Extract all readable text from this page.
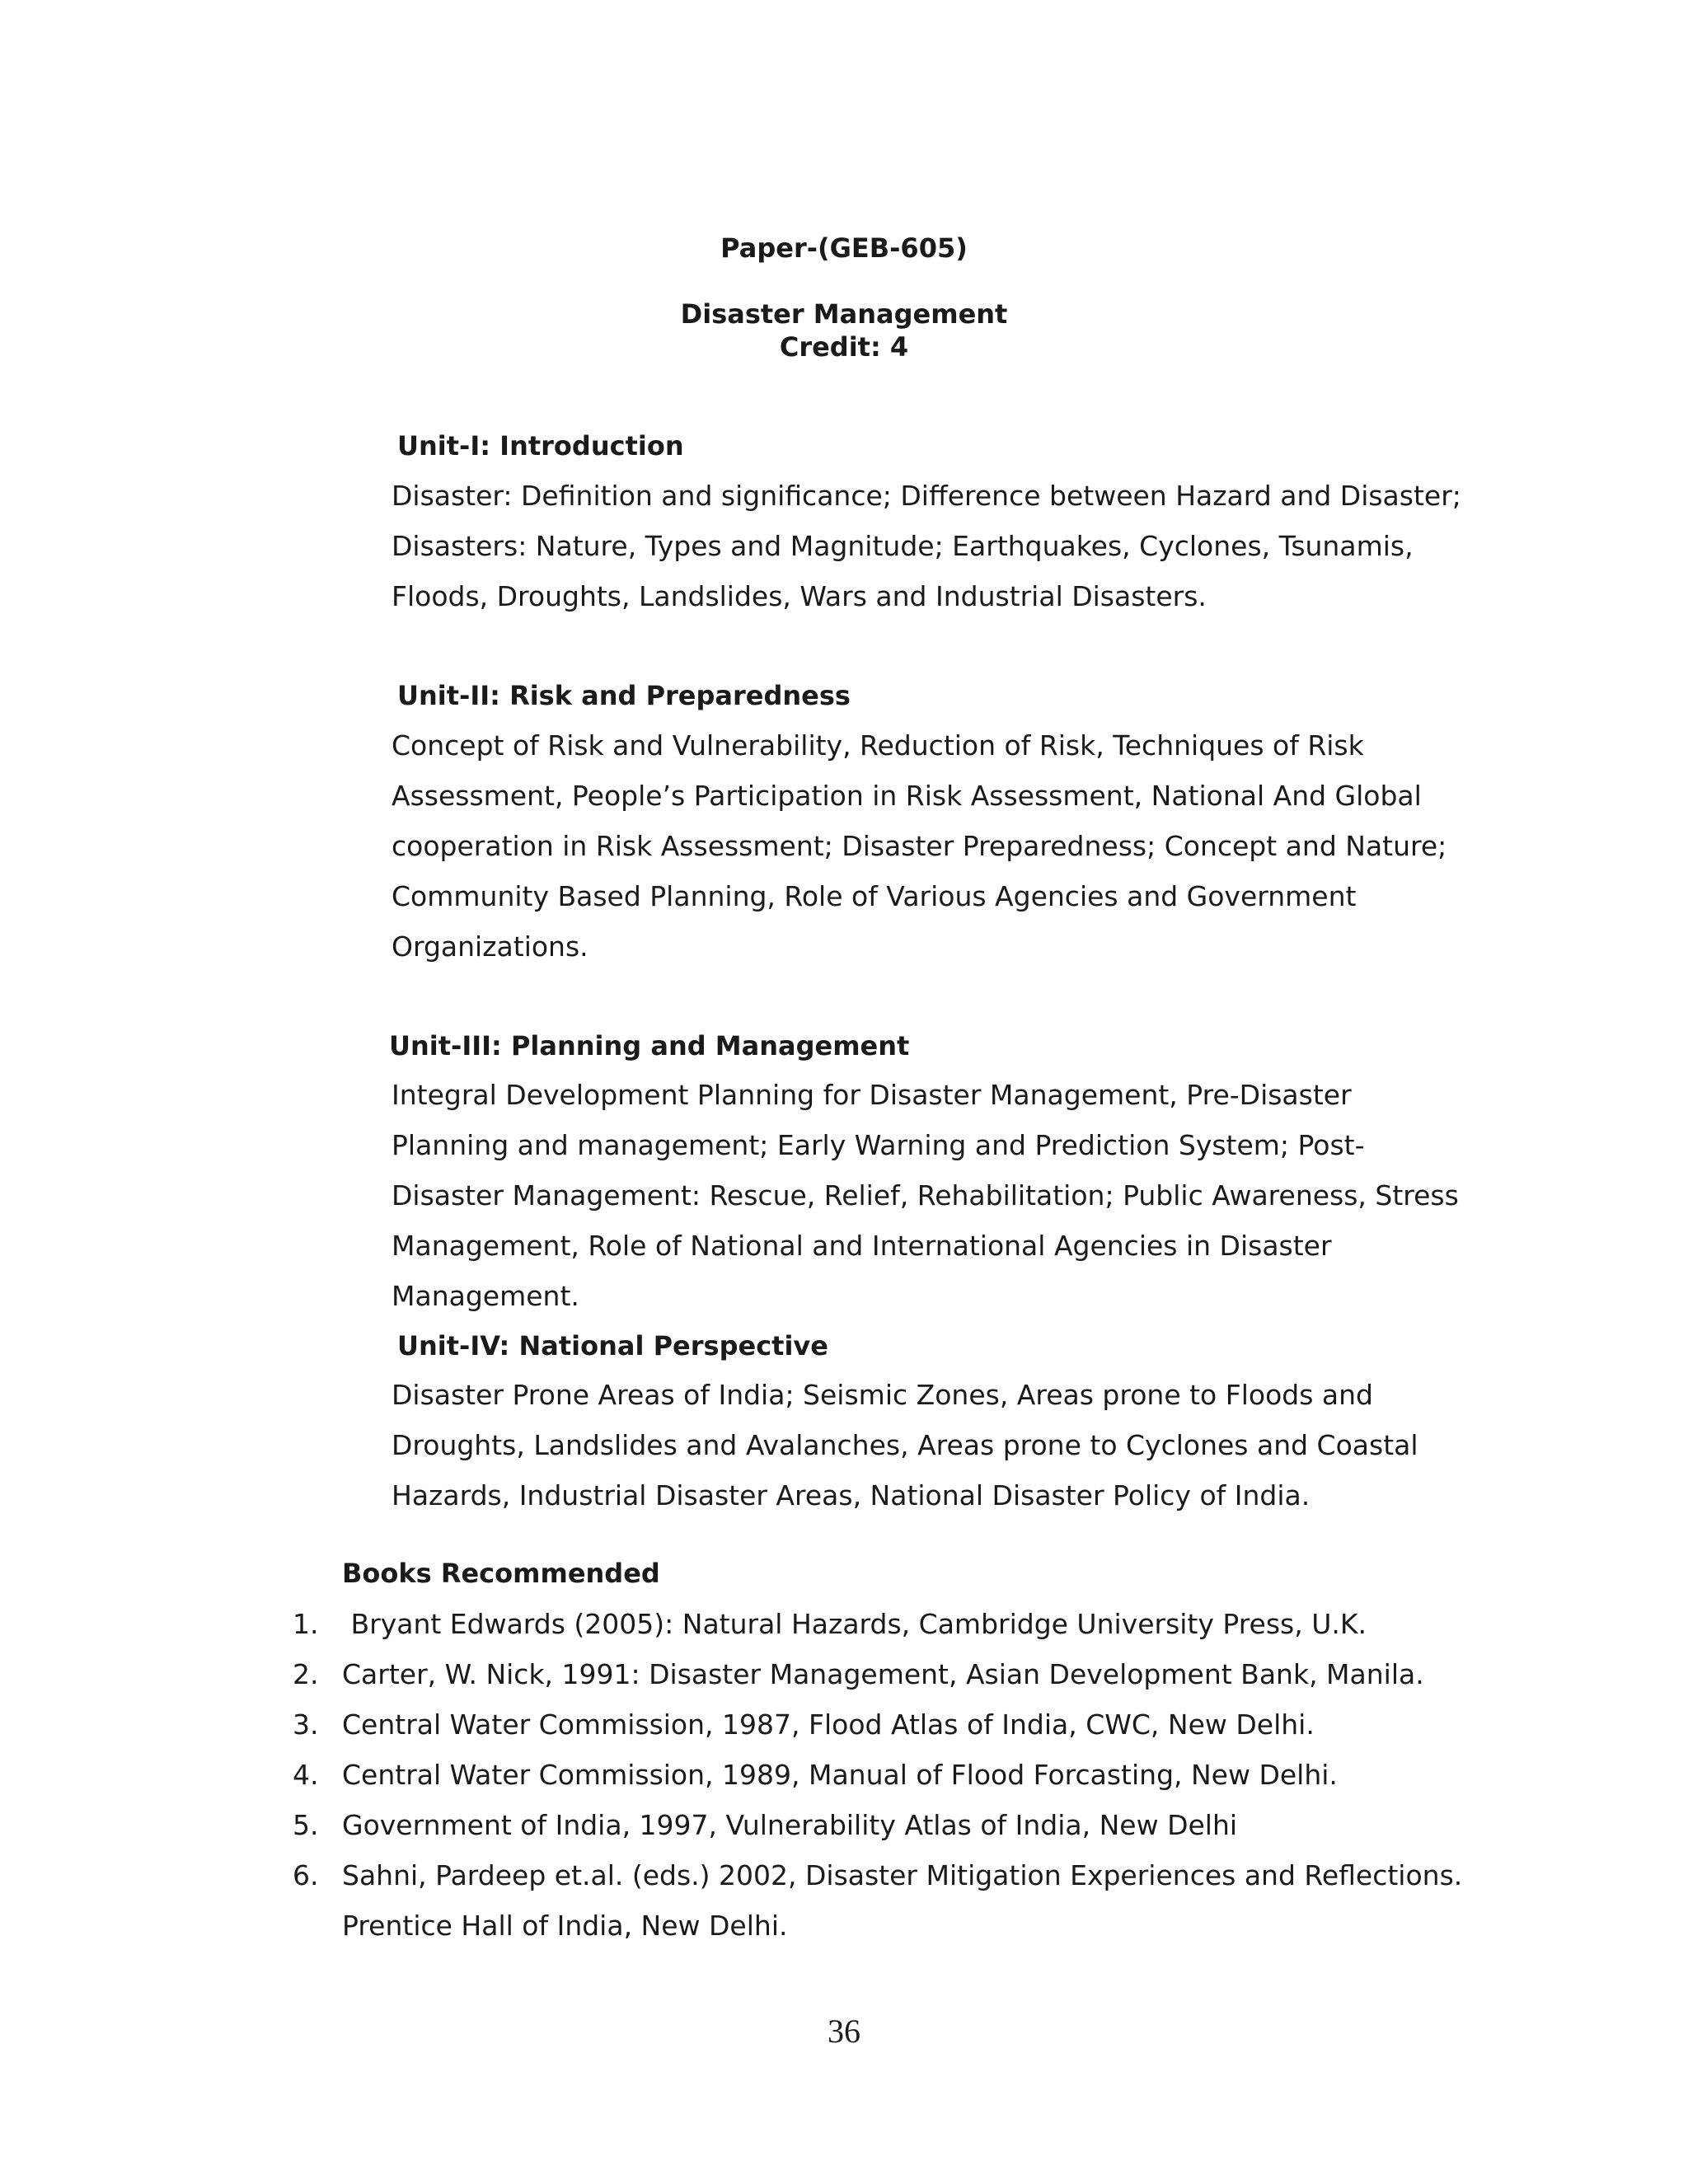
Paper-(GEB-605)
Disaster Management
Credit: 4
Unit-I: Introduction
Disaster: Definition and significance; Difference between Hazard and Disaster;
Disasters: Nature, Types and Magnitude; Earthquakes, Cyclones, Tsunamis,
Floods, Droughts, Landslides, Wars and Industrial Disasters.
Unit-II: Risk and Preparedness
Concept of Risk and Vulnerability, Reduction of Risk, Techniques of Risk
Assessment, People’s Participation in Risk Assessment, National And Global
cooperation in Risk Assessment; Disaster Preparedness; Concept and Nature;
Community Based Planning, Role of Various Agencies and Government
Organizations.
Unit-III: Planning and Management
Integral Development Planning for Disaster Management, Pre-Disaster
Planning and management; Early Warning and Prediction System; Post-
Disaster Management: Rescue, Relief, Rehabilitation; Public Awareness, Stress
Management, Role of National and International Agencies in Disaster
Management.
Unit-IV: National Perspective
Disaster Prone Areas of India; Seismic Zones, Areas prone to Floods and
Droughts, Landslides and Avalanches, Areas prone to Cyclones and Coastal
Hazards, Industrial Disaster Areas, National Disaster Policy of India.
Books Recommended
1. Bryant Edwards (2005): Natural Hazards, Cambridge University Press, U.K.
2. Carter, W. Nick, 1991: Disaster Management, Asian Development Bank, Manila.
3. Central Water Commission, 1987, Flood Atlas of India, CWC, New Delhi.
4. Central Water Commission, 1989, Manual of Flood Forcasting, New Delhi.
5. Government of India, 1997, Vulnerability Atlas of India, New Delhi
6. Sahni, Pardeep et.al. (eds.) 2002, Disaster Mitigation Experiences and Reflections.
Prentice Hall of India, New Delhi.
36
